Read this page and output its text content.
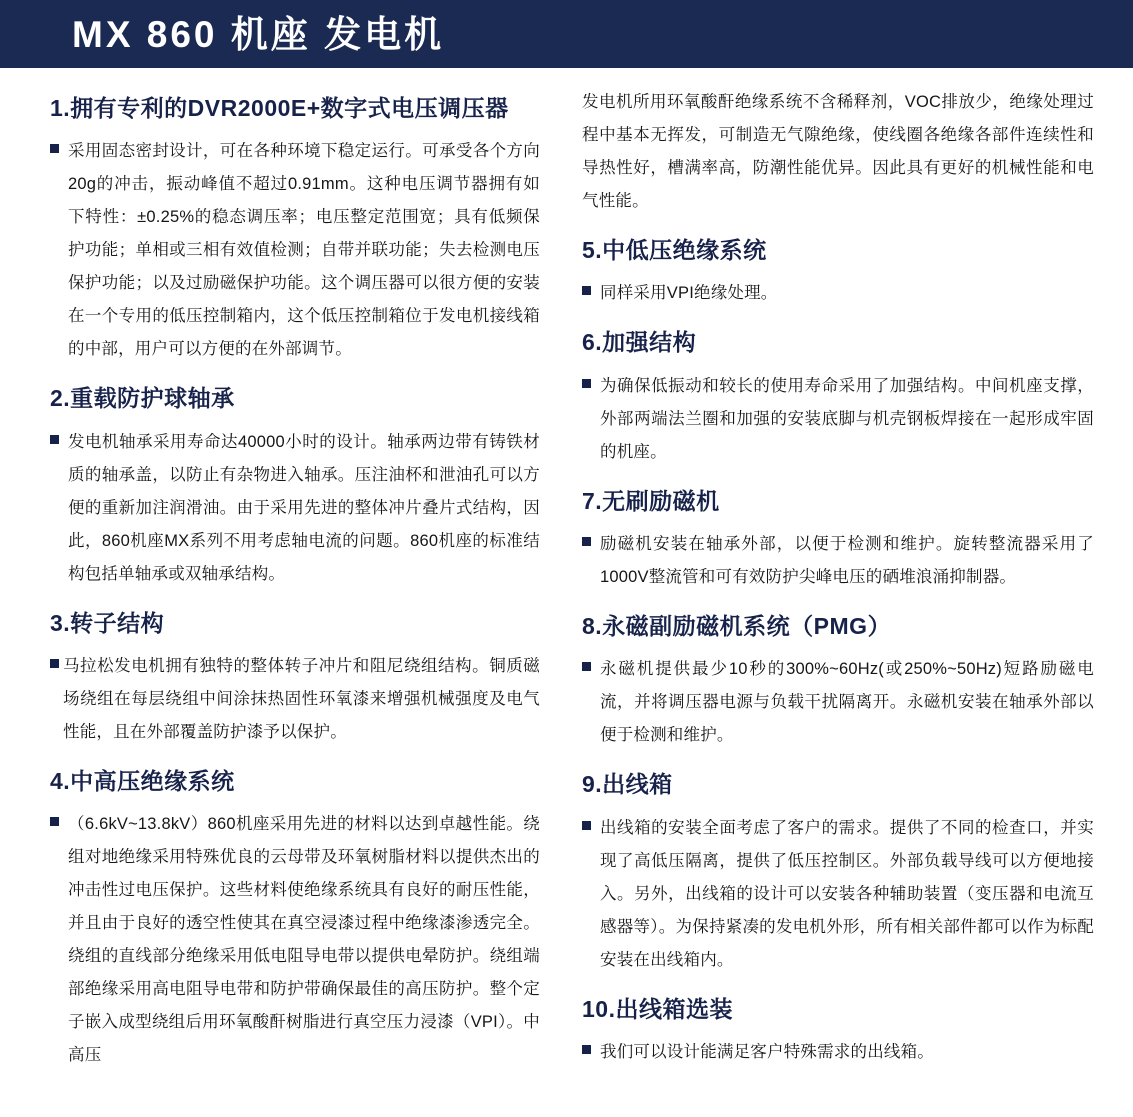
MX 860 机座 发电机
1.拥有专利的DVR2000E+数字式电压调压器
采用固态密封设计，可在各种环境下稳定运行。可承受各个方向20g的冲击，振动峰值不超过0.91mm。这种电压调节器拥有如下特性：±0.25%的稳态调压率；电压整定范围宽；具有低频保护功能；单相或三相有效值检测；自带并联功能；失去检测电压保护功能；以及过励磁保护功能。这个调压器可以很方便的安装在一个专用的低压控制箱内，这个低压控制箱位于发电机接线箱的中部，用户可以方便的在外部调节。
2.重载防护球轴承
发电机轴承采用寿命达40000小时的设计。轴承两边带有铸铁材质的轴承盖，以防止有杂物进入轴承。压注油杯和泄油孔可以方便的重新加注润滑油。由于采用先进的整体冲片叠片式结构，因此，860机座MX系列不用考虑轴电流的问题。860机座的标准结构包括单轴承或双轴承结构。
3.转子结构
马拉松发电机拥有独特的整体转子冲片和阻尼绕组结构。铜质磁场绕组在每层绕组中间涂抹热固性环氧漆来增强机械强度及电气性能，且在外部覆盖防护漆予以保护。
4.中高压绝缘系统
（6.6kV~13.8kV）860机座采用先进的材料以达到卓越性能。绕组对地绝缘采用特殊优良的云母带及环氧树脂材料以提供杰出的冲击性过电压保护。这些材料使绝缘系统具有良好的耐压性能，并且由于良好的透空性使其在真空浸漆过程中绝缘漆渗透完全。绕组的直线部分绝缘采用低电阻导电带以提供电晕防护。绕组端部绝缘采用高电阻导电带和防护带确保最佳的高压防护。整个定子嵌入成型绕组后用环氧酸酐树脂进行真空压力浸漆（VPI）。中高压
发电机所用环氧酸酐绝缘系统不含稀释剂，VOC排放少，绝缘处理过程中基本无挥发，可制造无气隙绝缘，使线圈各绝缘各部件连续性和导热性好，槽满率高，防潮性能优异。因此具有更好的机械性能和电气性能。
5.中低压绝缘系统
同样采用VPI绝缘处理。
6.加强结构
为确保低振动和较长的使用寿命采用了加强结构。中间机座支撑，外部两端法兰圈和加强的安装底脚与机壳钢板焊接在一起形成牢固的机座。
7.无刷励磁机
励磁机安装在轴承外部，以便于检测和维护。旋转整流器采用了1000V整流管和可有效防护尖峰电压的硒堆浪涌抑制器。
8.永磁副励磁机系统（PMG）
永磁机提供最少10秒的300%~60Hz(或250%~50Hz)短路励磁电流，并将调压器电源与负载干扰隔离开。永磁机安装在轴承外部以便于检测和维护。
9.出线箱
出线箱的安装全面考虑了客户的需求。提供了不同的检查口，并实现了高低压隔离，提供了低压控制区。外部负载导线可以方便地接入。另外，出线箱的设计可以安装各种辅助装置（变压器和电流互感器等）。为保持紧凑的发电机外形，所有相关部件都可以作为标配安装在出线箱内。
10.出线箱选装
我们可以设计能满足客户特殊需求的出线箱。
